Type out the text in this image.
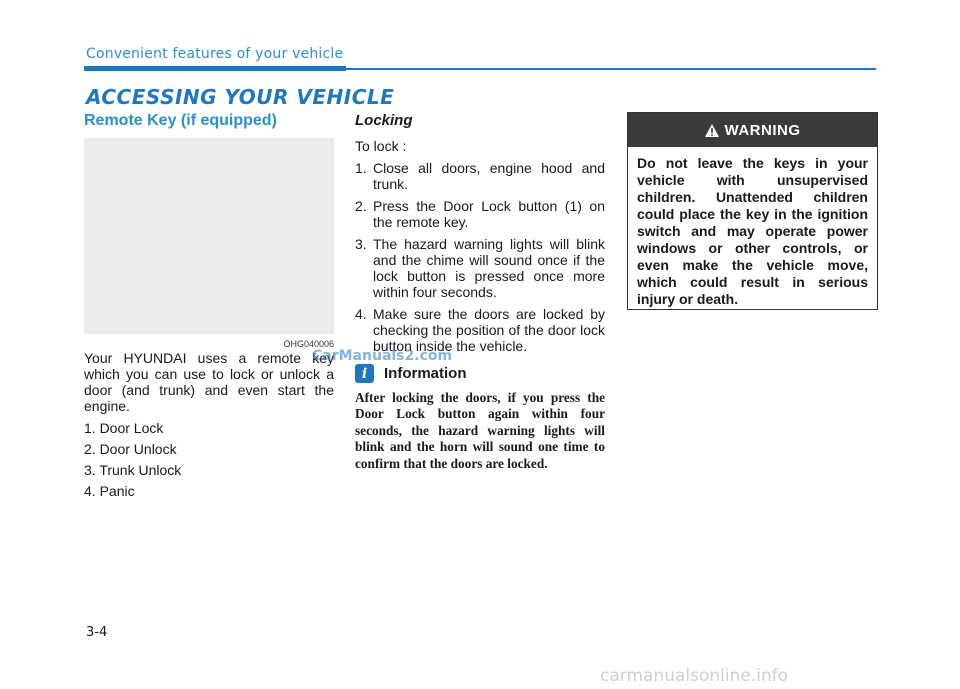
Convenient features of your vehicle
ACCESSING YOUR VEHICLE
Remote Key (if equipped)
OHG040006
Your HYUNDAI uses a remote key which you can use to lock or unlock a door (and trunk) and even start the engine.
1. Door Lock
2. Door Unlock
3. Trunk Unlock
4. Panic
Locking
To lock :
1. Close all doors, engine hood and trunk.
2. Press the Door Lock button (1) on the remote key.
3. The hazard warning lights will blink and the chime will sound once if the lock button is pressed once more within four seconds.
4. Make sure the doors are locked by checking the position of the door lock button inside the vehicle.
CarManuals2.com
i	Information
After locking the doors, if you press the Door Lock button again within four seconds, the hazard warning lights will blink and the horn will sound one time to confirm that the doors are locked.
WARNING
Do not leave the keys in your vehicle with unsupervised children. Unattended children could place the key in the ignition switch and may operate power windows or other controls, or even make the vehicle move, which could result in serious injury or death.
3-4
carmanualsonline.info
